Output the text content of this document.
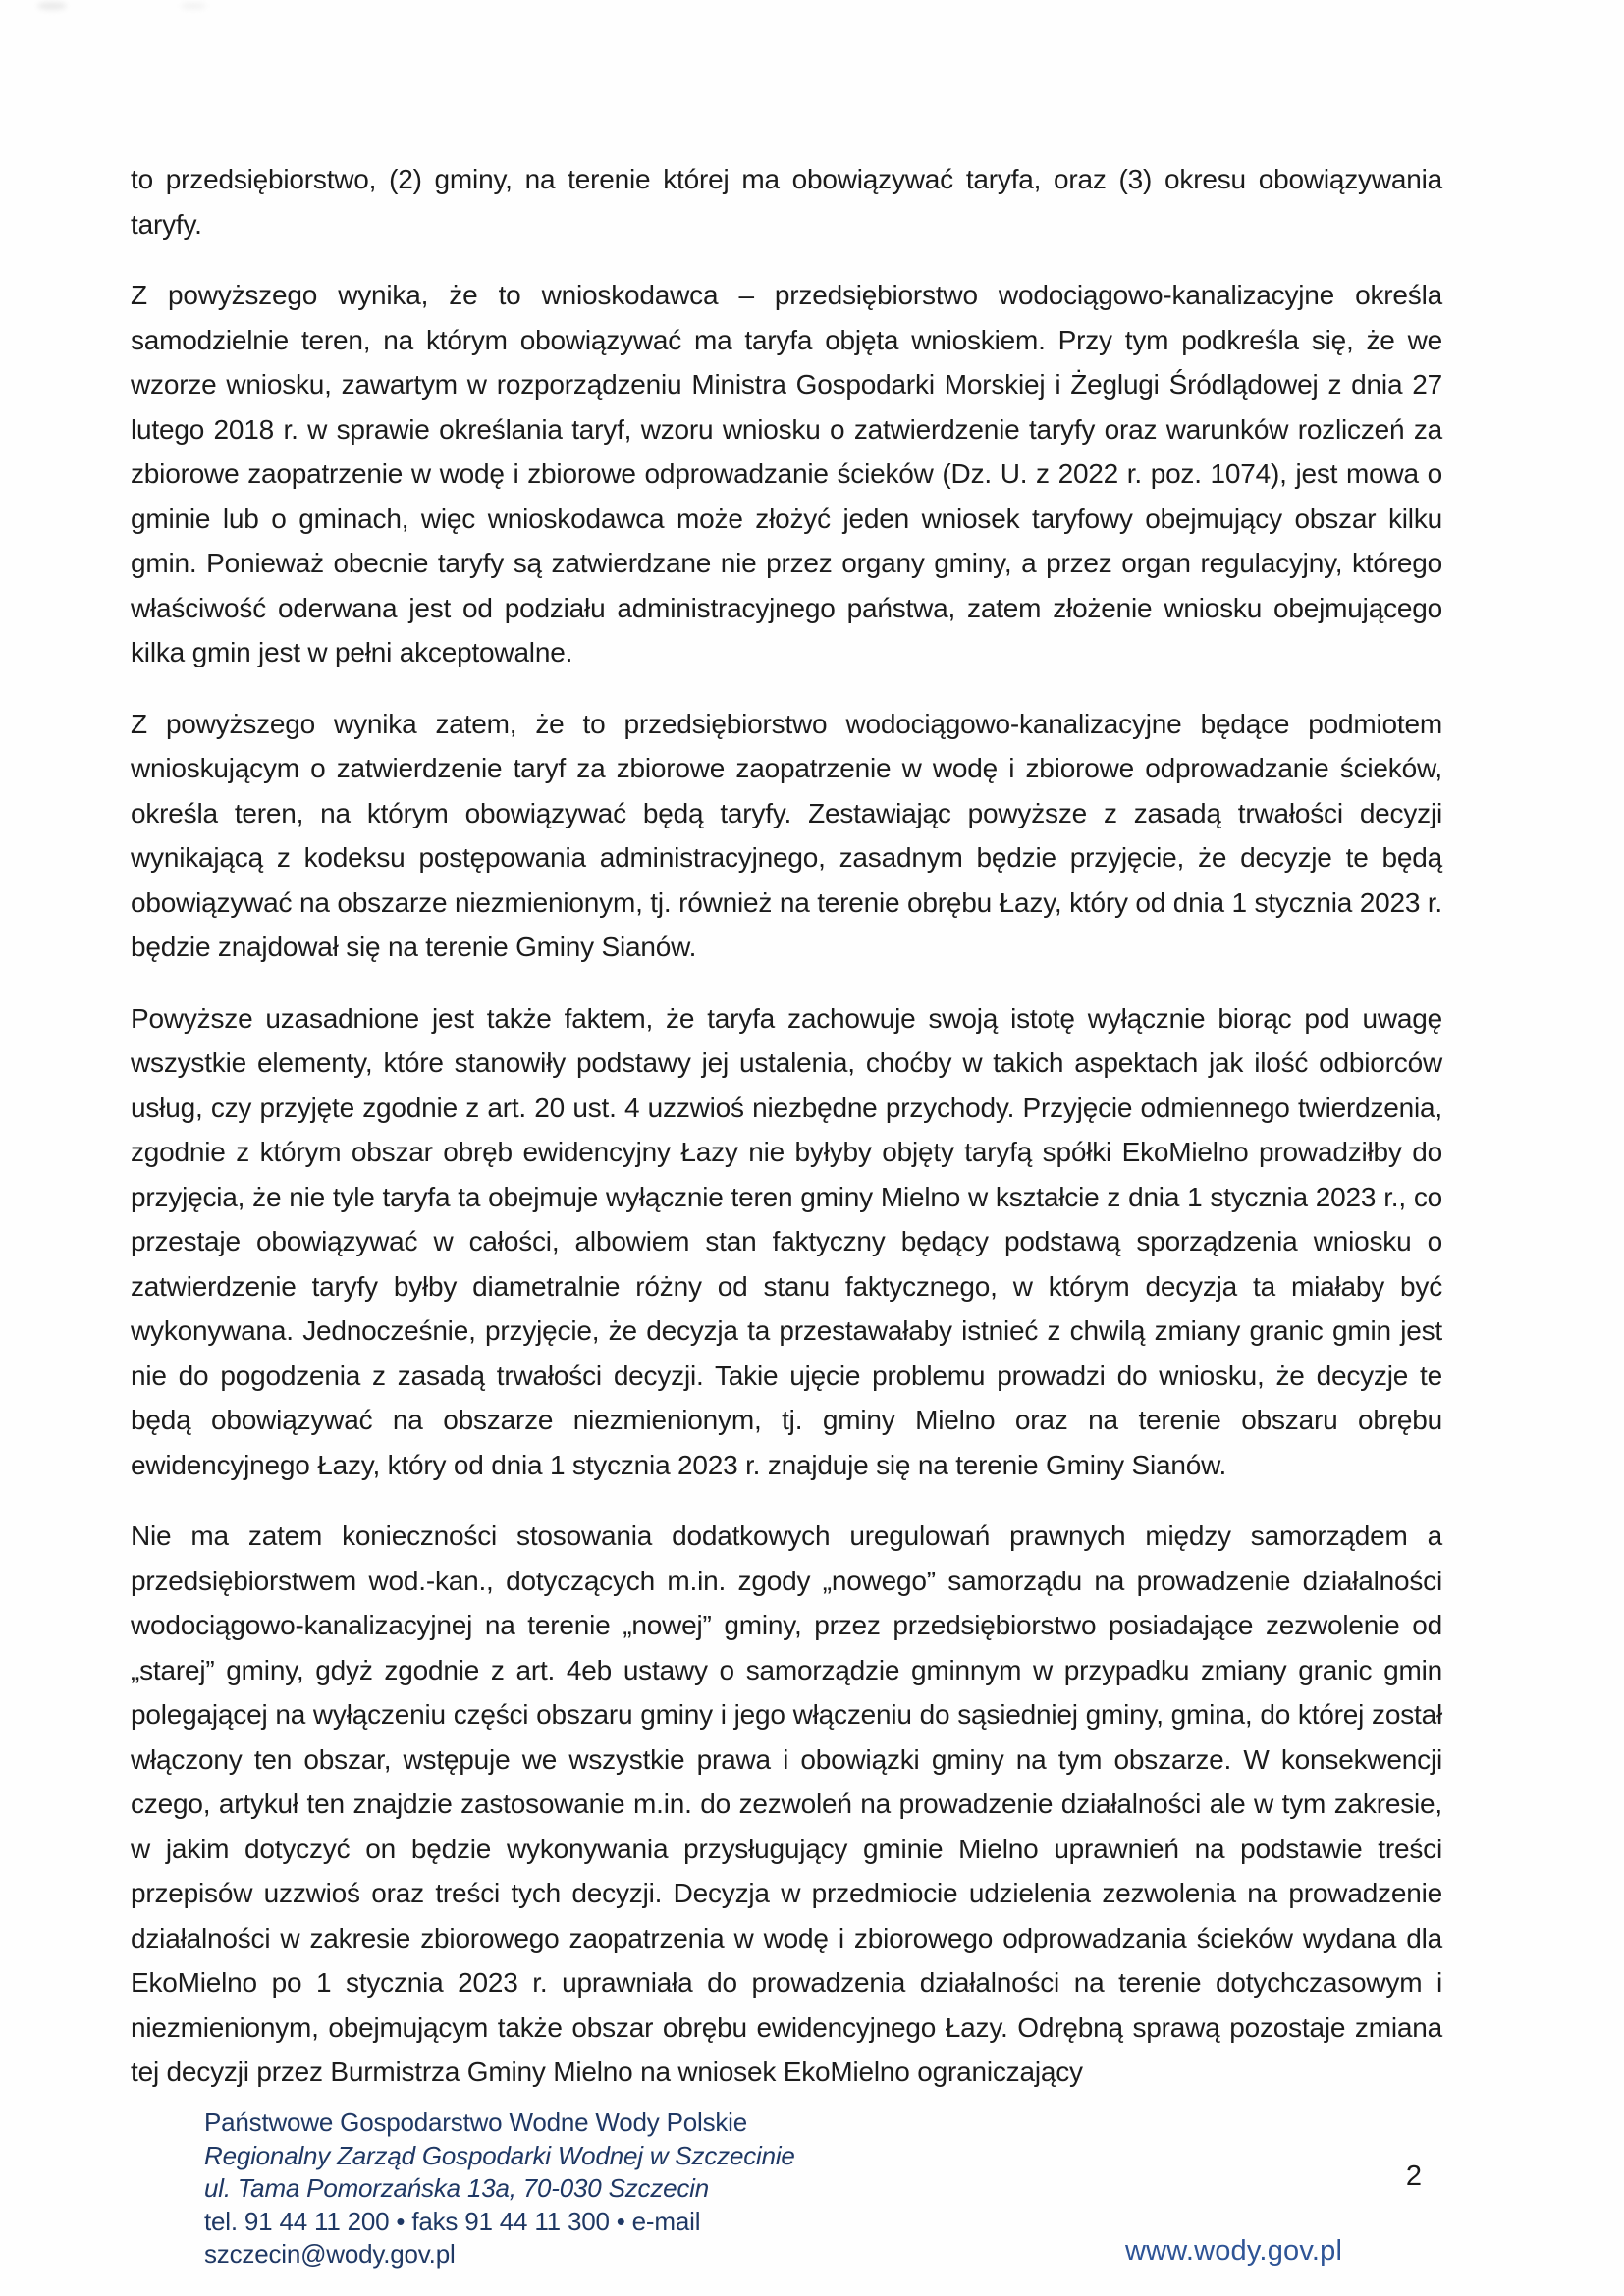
to przedsiębiorstwo, (2) gminy, na terenie której ma obowiązywać taryfa, oraz (3) okresu obowiązywania taryfy.

Z powyższego wynika, że to wnioskodawca – przedsiębiorstwo wodociągowo-kanalizacyjne określa samodzielnie teren, na którym obowiązywać ma taryfa objęta wnioskiem. Przy tym podkreśla się, że we wzorze wniosku, zawartym w rozporządzeniu Ministra Gospodarki Morskiej i Żeglugi Śródlądowej z dnia 27 lutego 2018 r. w sprawie określania taryf, wzoru wniosku o zatwierdzenie taryfy oraz warunków rozliczeń za zbiorowe zaopatrzenie w wodę i zbiorowe odprowadzanie ścieków (Dz. U. z 2022 r. poz. 1074), jest mowa o gminie lub o gminach, więc wnioskodawca może złożyć jeden wniosek taryfowy obejmujący obszar kilku gmin. Ponieważ obecnie taryfy są zatwierdzane nie przez organy gminy, a przez organ regulacyjny, którego właściwość oderwana jest od podziału administracyjnego państwa, zatem złożenie wniosku obejmującego kilka gmin jest w pełni akceptowalne.

Z powyższego wynika zatem, że to przedsiębiorstwo wodociągowo-kanalizacyjne będące podmiotem wnioskującym o zatwierdzenie taryf za zbiorowe zaopatrzenie w wodę i zbiorowe odprowadzanie ścieków, określa teren, na którym obowiązywać będą taryfy. Zestawiając powyższe z zasadą trwałości decyzji wynikającą z kodeksu postępowania administracyjnego, zasadnym będzie przyjęcie, że decyzje te będą obowiązywać na obszarze niezmienionym, tj. również na terenie obrębu Łazy, który od dnia 1 stycznia 2023 r. będzie znajdował się na terenie Gminy Sianów.

Powyższe uzasadnione jest także faktem, że taryfa zachowuje swoją istotę wyłącznie biorąc pod uwagę wszystkie elementy, które stanowiły podstawy jej ustalenia, choćby w takich aspektach jak ilość odbiorców usług, czy przyjęte zgodnie z art. 20 ust. 4 uzzwioś niezbędne przychody. Przyjęcie odmiennego twierdzenia, zgodnie z którym obszar obręb ewidencyjny Łazy nie byłyby objęty taryfą spółki EkoMielno prowadziłby do przyjęcia, że nie tyle taryfa ta obejmuje wyłącznie teren gminy Mielno w kształcie z dnia 1 stycznia 2023 r., co przestaje obowiązywać w całości, albowiem stan faktyczny będący podstawą sporządzenia wniosku o zatwierdzenie taryfy byłby diametralnie różny od stanu faktycznego, w którym decyzja ta miałaby być wykonywana. Jednocześnie, przyjęcie, że decyzja ta przestawałaby istnieć z chwilą zmiany granic gmin jest nie do pogodzenia z zasadą trwałości decyzji. Takie ujęcie problemu prowadzi do wniosku, że decyzje te będą obowiązywać na obszarze niezmienionym, tj. gminy Mielno oraz na terenie obszaru obrębu ewidencyjnego Łazy, który od dnia 1 stycznia 2023 r. znajduje się na terenie Gminy Sianów.

Nie ma zatem konieczności stosowania dodatkowych uregulowań prawnych między samorządem a przedsiębiorstwem wod.-kan., dotyczących m.in. zgody „nowego” samorządu na prowadzenie działalności wodociągowo-kanalizacyjnej na terenie „nowej” gminy, przez przedsiębiorstwo posiadające zezwolenie od „starej” gminy, gdyż zgodnie z art. 4eb ustawy o samorządzie gminnym w przypadku zmiany granic gmin polegającej na wyłączeniu części obszaru gminy i jego włączeniu do sąsiedniej gminy, gmina, do której został włączony ten obszar, wstępuje we wszystkie prawa i obowiązki gminy na tym obszarze. W konsekwencji czego, artykuł ten znajdzie zastosowanie m.in. do zezwoleń na prowadzenie działalności ale w tym zakresie, w jakim dotyczyć on będzie wykonywania przysługujący gminie Mielno uprawnień na podstawie treści przepisów uzzwioś oraz treści tych decyzji. Decyzja w przedmiocie udzielenia zezwolenia na prowadzenie działalności w zakresie zbiorowego zaopatrzenia w wodę i zbiorowego odprowadzania ścieków wydana dla EkoMielno po 1 stycznia 2023 r. uprawniała do prowadzenia działalności na terenie dotychczasowym i niezmienionym, obejmującym także obszar obrębu ewidencyjnego Łazy. Odrębną sprawą pozostaje zmiana tej decyzji przez Burmistrza Gminy Mielno na wniosek EkoMielno ograniczający

Państwowe Gospodarstwo Wodne Wody Polskie
Regionalny Zarząd Gospodarki Wodnej w Szczecinie
ul. Tama Pomorzańska 13a, 70-030 Szczecin
tel. 91 44 11 200 • faks 91 44 11 300 • e-mail
szczecin@wody.gov.pl
2
www.wody.gov.pl
